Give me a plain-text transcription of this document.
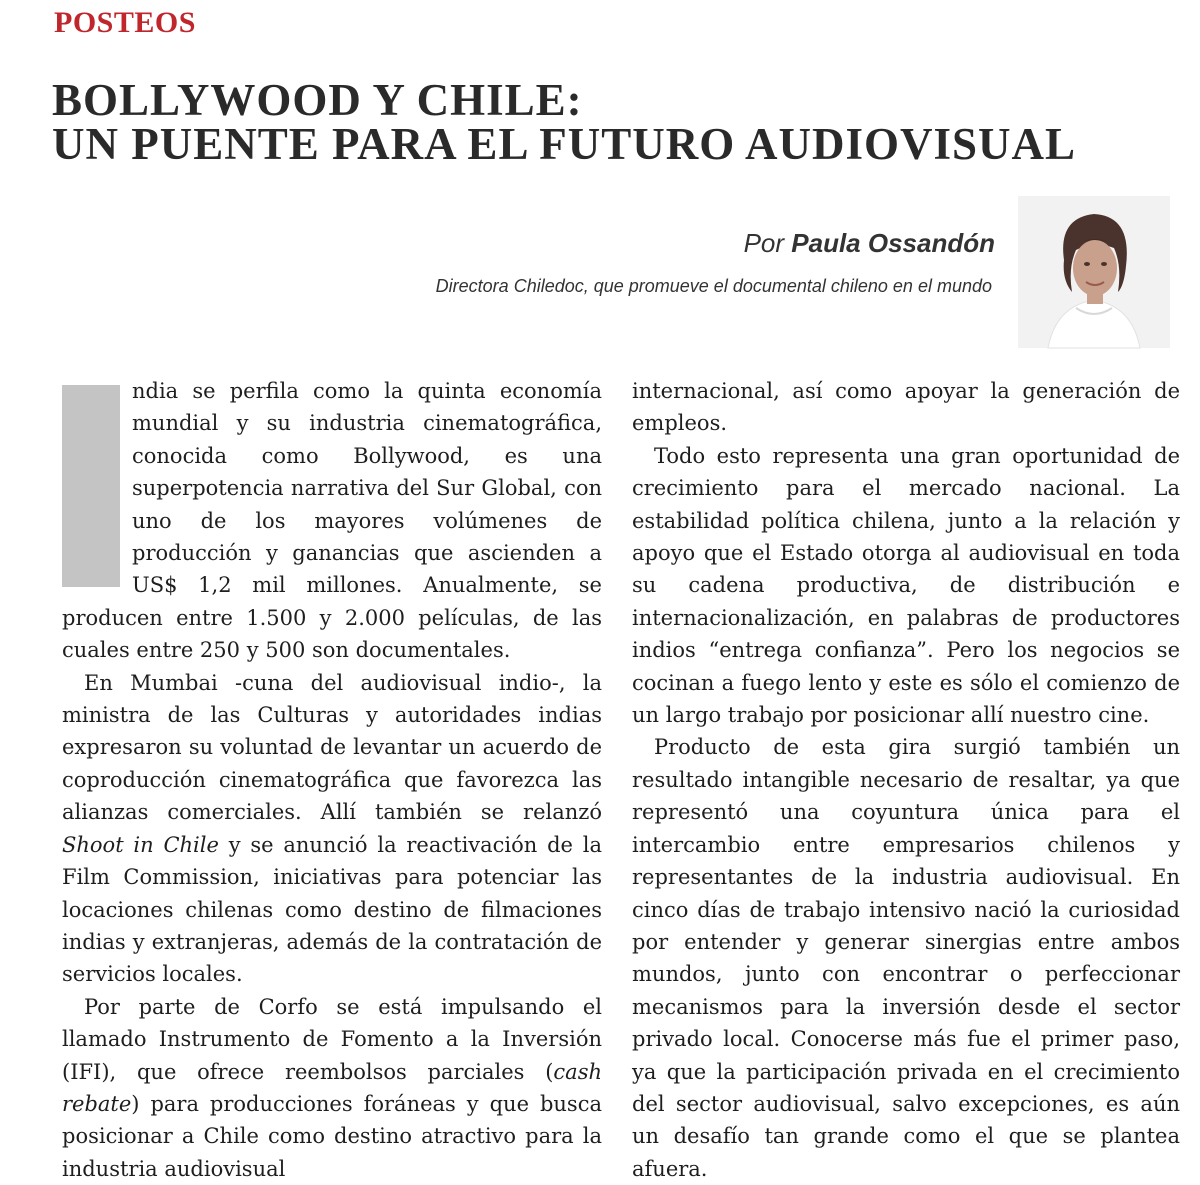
POSTEOS
BOLLYWOOD Y CHILE:
UN PUENTE PARA EL FUTURO AUDIOVISUAL
Por Paula Ossandón
Directora Chiledoc, que promueve el documental chileno en el mundo

ndia se perfila como la quinta economía mundial y su industria cinematográfica, conocida como Bollywood, es una superpotencia narrativa del Sur Global, con uno de los mayores volúmenes de producción y ganancias que ascienden a US$ 1,2 mil millones. Anualmente, se producen entre 1.500 y 2.000 películas, de las cuales entre 250 y 500 son documentales.

En Mumbai -cuna del audiovisual indio-, la ministra de las Culturas y autoridades indias expresaron su voluntad de levantar un acuerdo de coproducción cinematográfica que favorezca las alianzas comerciales. Allí también se relanzó Shoot in Chile y se anunció la reactivación de la Film Commission, iniciativas para potenciar las locaciones chilenas como destino de filmaciones indias y extranjeras, además de la contratación de servicios locales.

Por parte de Corfo se está impulsando el llamado Instrumento de Fomento a la Inversión (IFI), que ofrece reembolsos parciales (cash rebate) para producciones foráneas y que busca posicionar a Chile como destino atractivo para la industria audiovisual

internacional, así como apoyar la generación de empleos.

Todo esto representa una gran oportunidad de crecimiento para el mercado nacional. La estabilidad política chilena, junto a la relación y apoyo que el Estado otorga al audiovisual en toda su cadena productiva, de distribución e internacionalización, en palabras de productores indios “entrega confianza”. Pero los negocios se cocinan a fuego lento y este es sólo el comienzo de un largo trabajo por posicionar allí nuestro cine.

Producto de esta gira surgió también un resultado intangible necesario de resaltar, ya que representó una coyuntura única para el intercambio entre empresarios chilenos y representantes de la industria audiovisual. En cinco días de trabajo intensivo nació la curiosidad por entender y generar sinergias entre ambos mundos, junto con encontrar o perfeccionar mecanismos para la inversión desde el sector privado local. Conocerse más fue el primer paso, ya que la participación privada en el crecimiento del sector audiovisual, salvo excepciones, es aún un desafío tan grande como el que se plantea afuera.
